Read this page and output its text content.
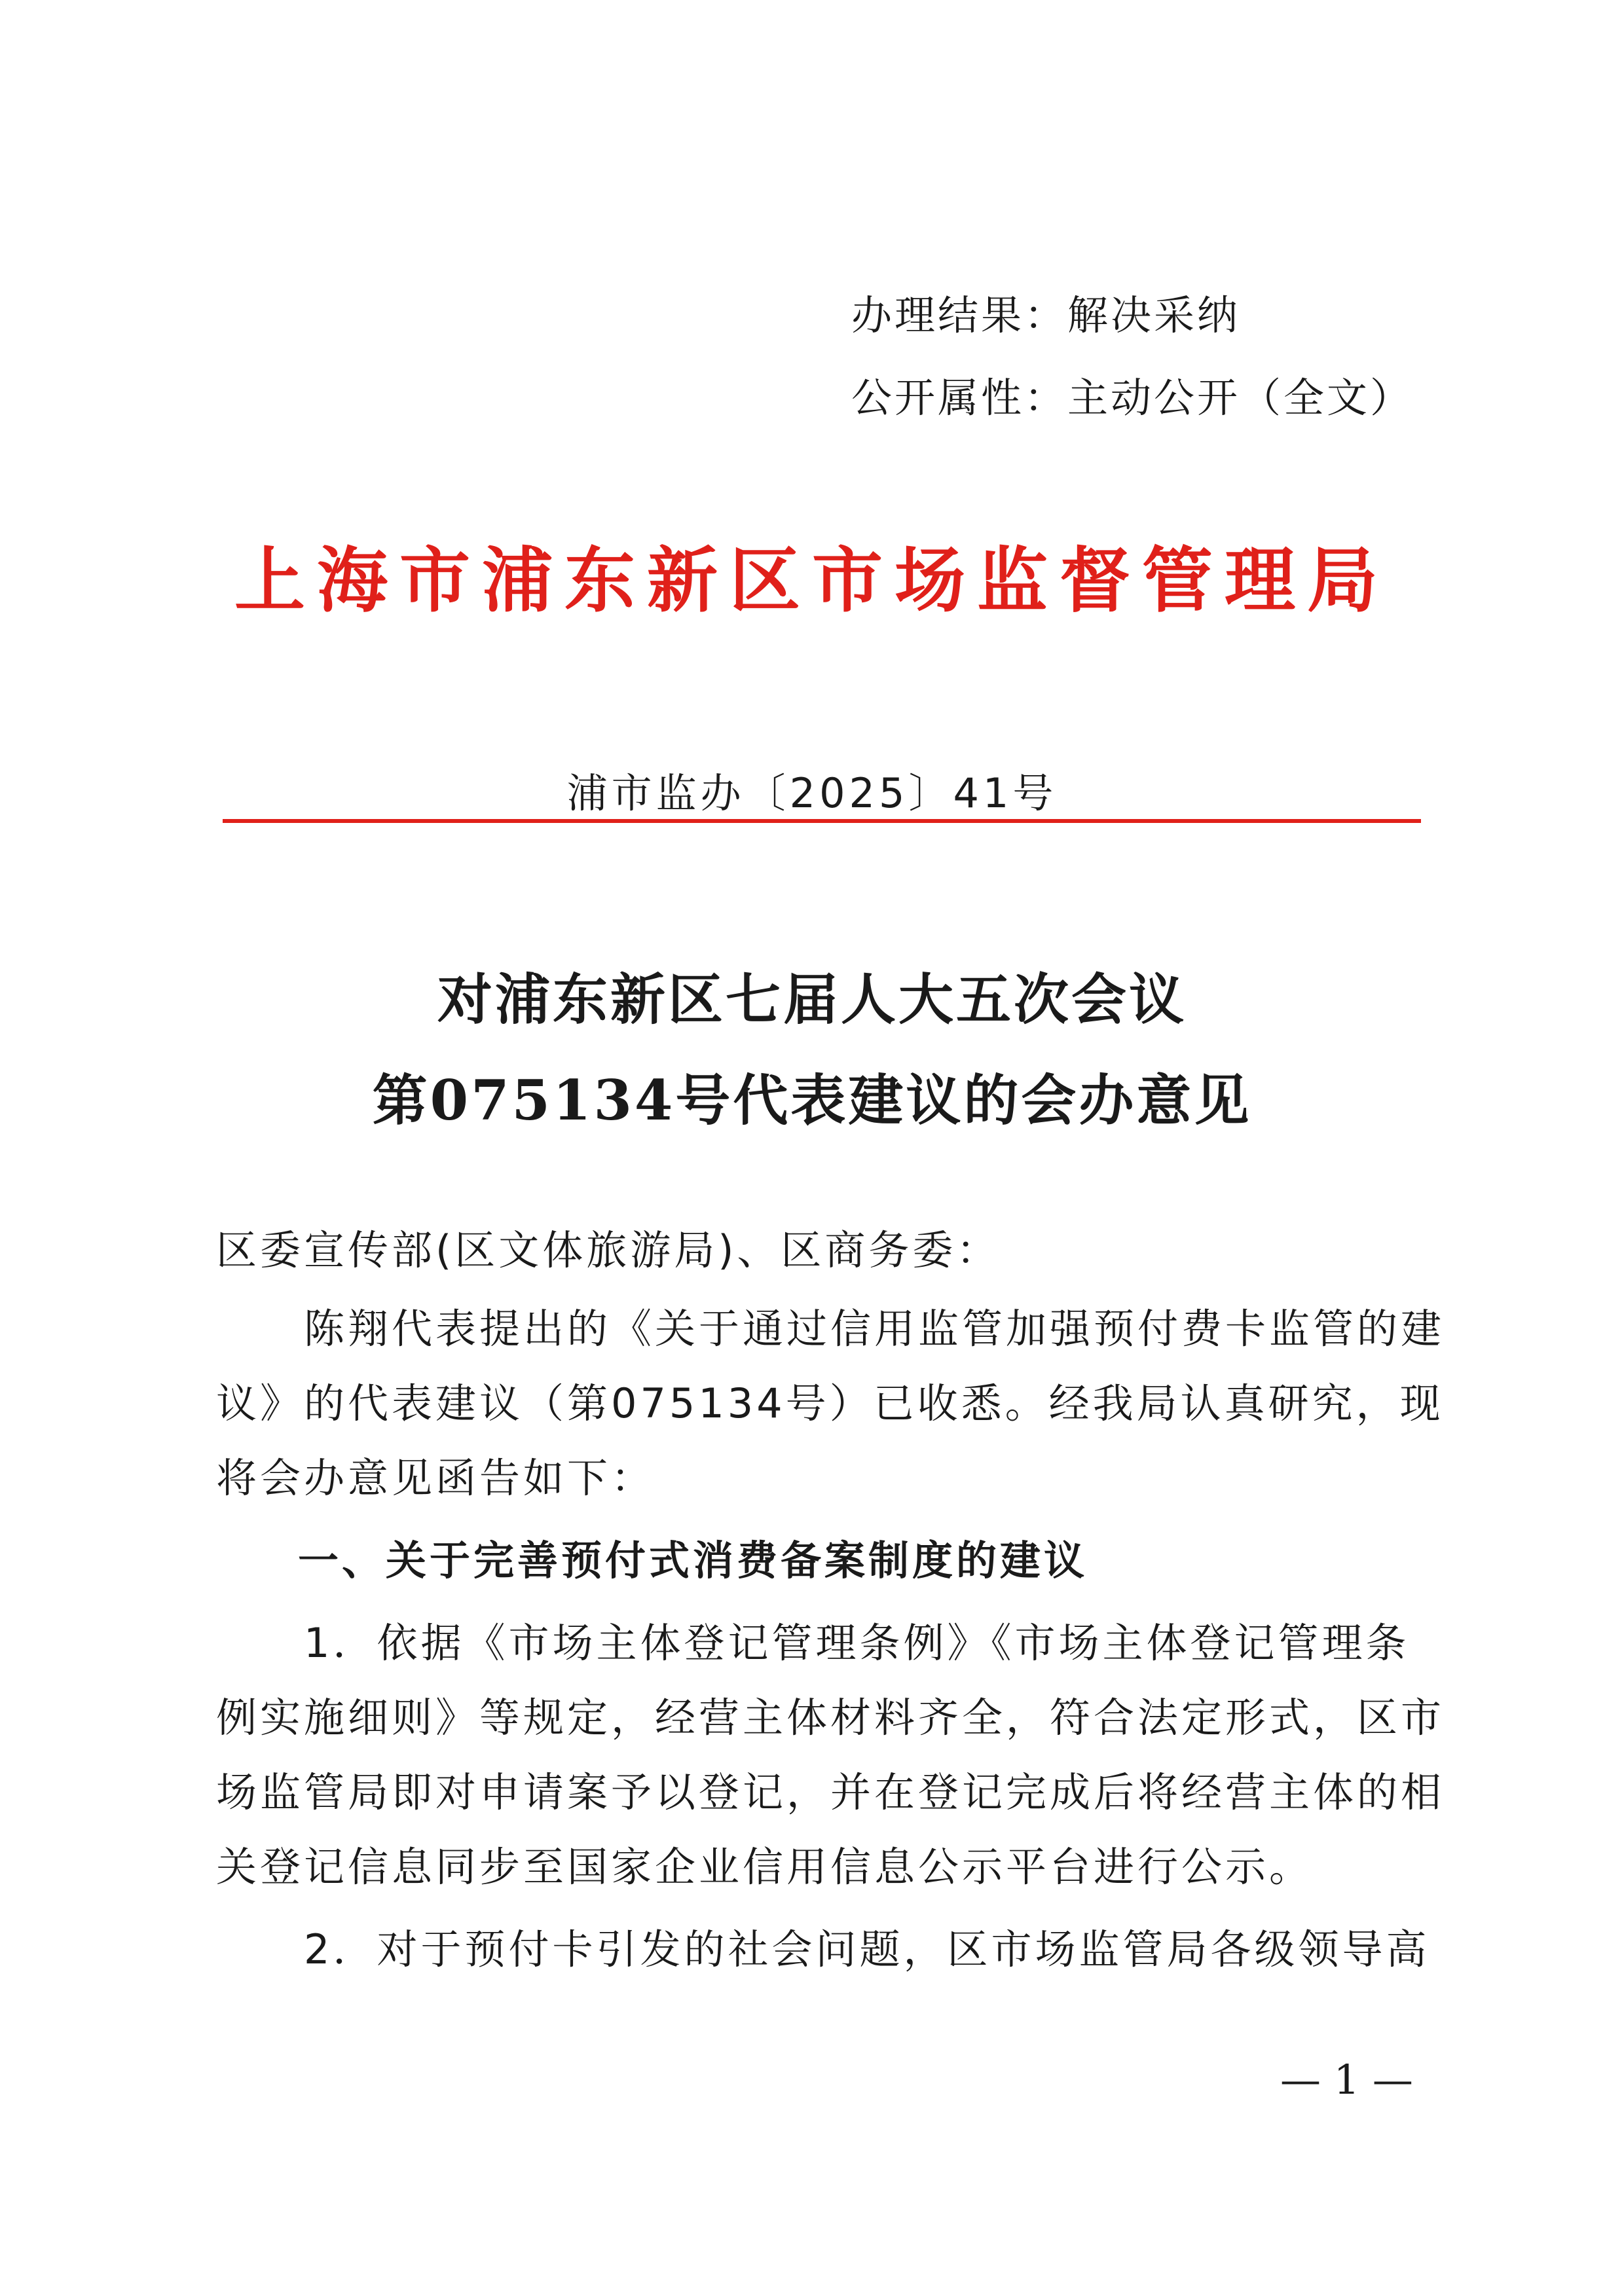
办理结果：解决采纳
公开属性：主动公开（全文）
上海市浦东新区市场监督管理局
浦市监办〔2025〕41号
对浦东新区七届人大五次会议
第075134号代表建议的会办意见
区委宣传部(区文体旅游局)、区商务委：
陈翔代表提出的《关于通过信用监管加强预付费卡监管的建
议》的代表建议（第075134号）已收悉。经我局认真研究，现
将会办意见函告如下：
一、关于完善预付式消费备案制度的建议
1．依据《市场主体登记管理条例》《市场主体登记管理条
例实施细则》等规定，经营主体材料齐全，符合法定形式，区市
场监管局即对申请案予以登记，并在登记完成后将经营主体的相
关登记信息同步至国家企业信用信息公示平台进行公示。
2．对于预付卡引发的社会问题，区市场监管局各级领导高
— 1 —
